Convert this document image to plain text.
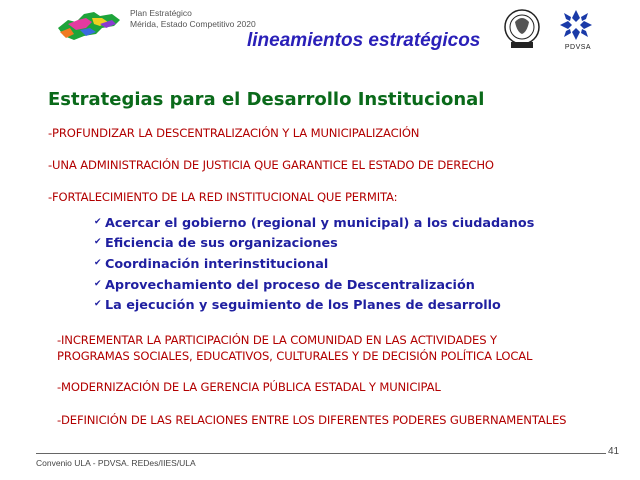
Plan Estratégico
Mérida, Estado Competitivo 2020
lineamientos estratégicos	PDVSA
Estrategias para el Desarrollo Institucional
-PROFUNDIZAR LA DESCENTRALIZACIÓN Y LA MUNICIPALIZACIÓN
-UNA ADMINISTRACIÓN DE JUSTICIA QUE GARANTICE EL ESTADO DE DERECHO
-FORTALECIMIENTO DE LA RED INSTITUCIONAL QUE PERMITA:
✔ Acercar el gobierno (regional y municipal) a los ciudadanos
✔ Eficiencia de sus organizaciones
✔ Coordinación interinstitucional
✔ Aprovechamiento del proceso de Descentralización
✔ La ejecución y seguimiento de los Planes de desarrollo
-INCREMENTAR LA PARTICIPACIÓN DE LA COMUNIDAD EN LAS ACTIVIDADES Y
PROGRAMAS SOCIALES, EDUCATIVOS, CULTURALES Y DE DECISIÓN POLÍTICA LOCAL
-MODERNIZACIÓN DE LA GERENCIA PÚBLICA ESTADAL Y MUNICIPAL
-DEFINICIÓN DE LAS RELACIONES ENTRE LOS DIFERENTES PODERES GUBERNAMENTALES
41
Convenio ULA - PDVSA. REDes/IIES/ULA
